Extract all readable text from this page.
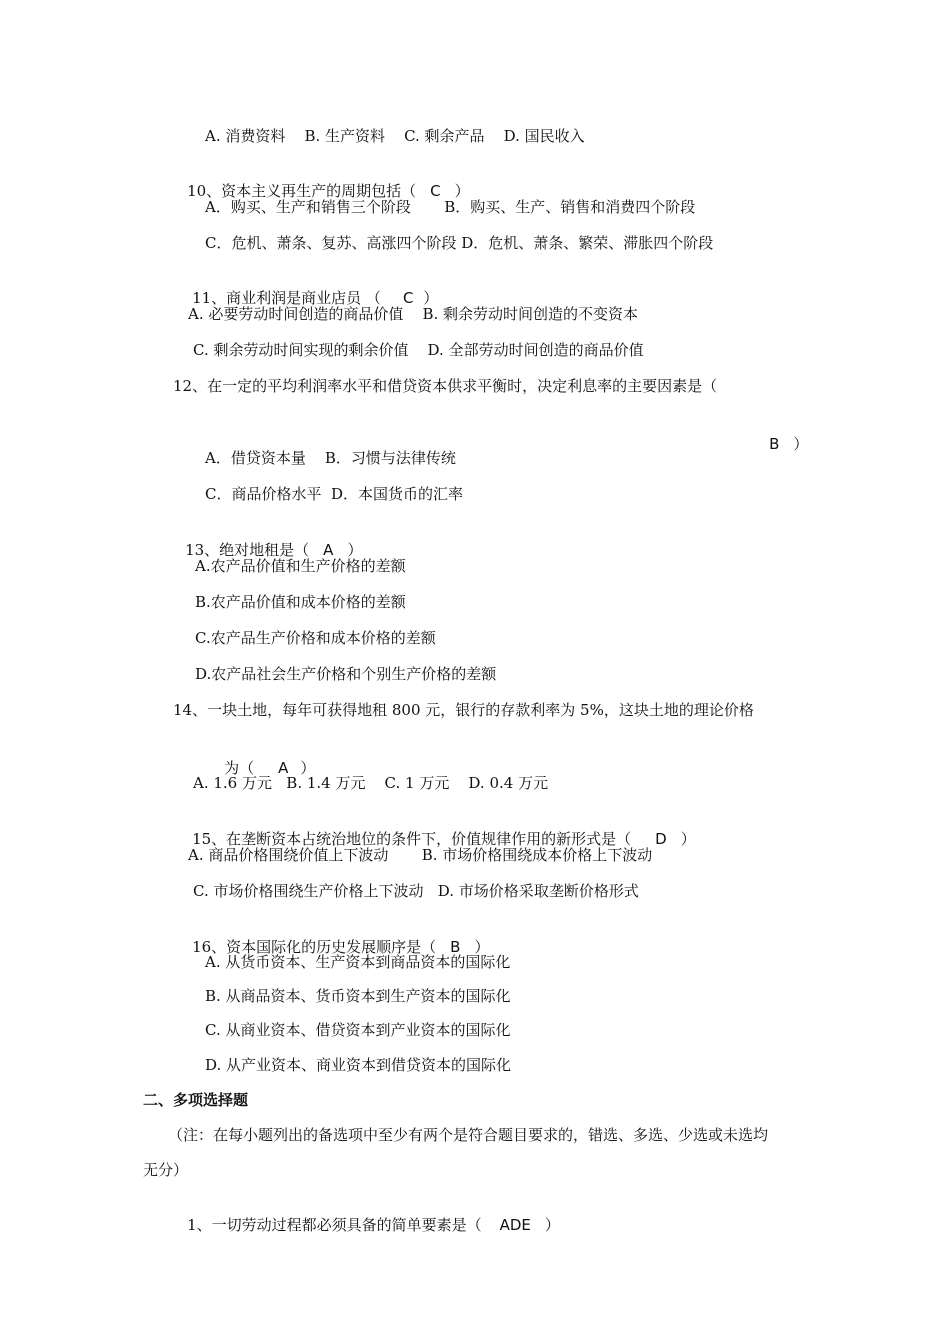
A. 消费资料    B. 生产资料    C. 剩余产品    D. 国民收入

10、资本主义再生产的周期包括（ C ）

A．购买、生产和销售三个阶段       B．购买、生产、销售和消费四个阶段
C．危机、萧条、复苏、高涨四个阶段 D．危机、萧条、繁荣、滞胀四个阶段

11、商业利润是商业店员 （ C ）

A. 必要劳动时间创造的商品价值    B. 剩余劳动时间创造的不变资本
C. 剩余劳动时间实现的剩余价值    D. 全部劳动时间创造的商品价值
12、在一定的平均利润率水平和借贷资本供求平衡时，决定利息率的主要因素是（

B ）

A．借贷资本量    B．习惯与法律传统
C．商品价格水平  D．本国货币的汇率

13、绝对地租是（ A ）

A.农产品价值和生产价格的差额
B.农产品价值和成本价格的差额
C.农产品生产价格和成本价格的差额
D.农产品社会生产价格和个别生产价格的差额
14、一块土地，每年可获得地租 800 元，银行的存款利率为 5%，这块土地的理论价格

为（ A ）

A. 1.6 万元   B. 1.4 万元    C. 1 万元    D. 0.4 万元

15、在垄断资本占统治地位的条件下，价值规律作用的新形式是（ D ）

A. 商品价格围绕价值上下波动       B. 市场价格围绕成本价格上下波动
C. 市场价格围绕生产价格上下波动   D. 市场价格采取垄断价格形式

16、资本国际化的历史发展顺序是（ B ）

A. 从货币资本、生产资本到商品资本的国际化
B. 从商品资本、货币资本到生产资本的国际化
C. 从商业资本、借贷资本到产业资本的国际化
D. 从产业资本、商业资本到借贷资本的国际化
二、多项选择题
（注：在每小题列出的备选项中至少有两个是符合题目要求的，错选、多选、少选或未选均
无分）

1、一切劳动过程都必须具备的简单要素是（ ADE ）
